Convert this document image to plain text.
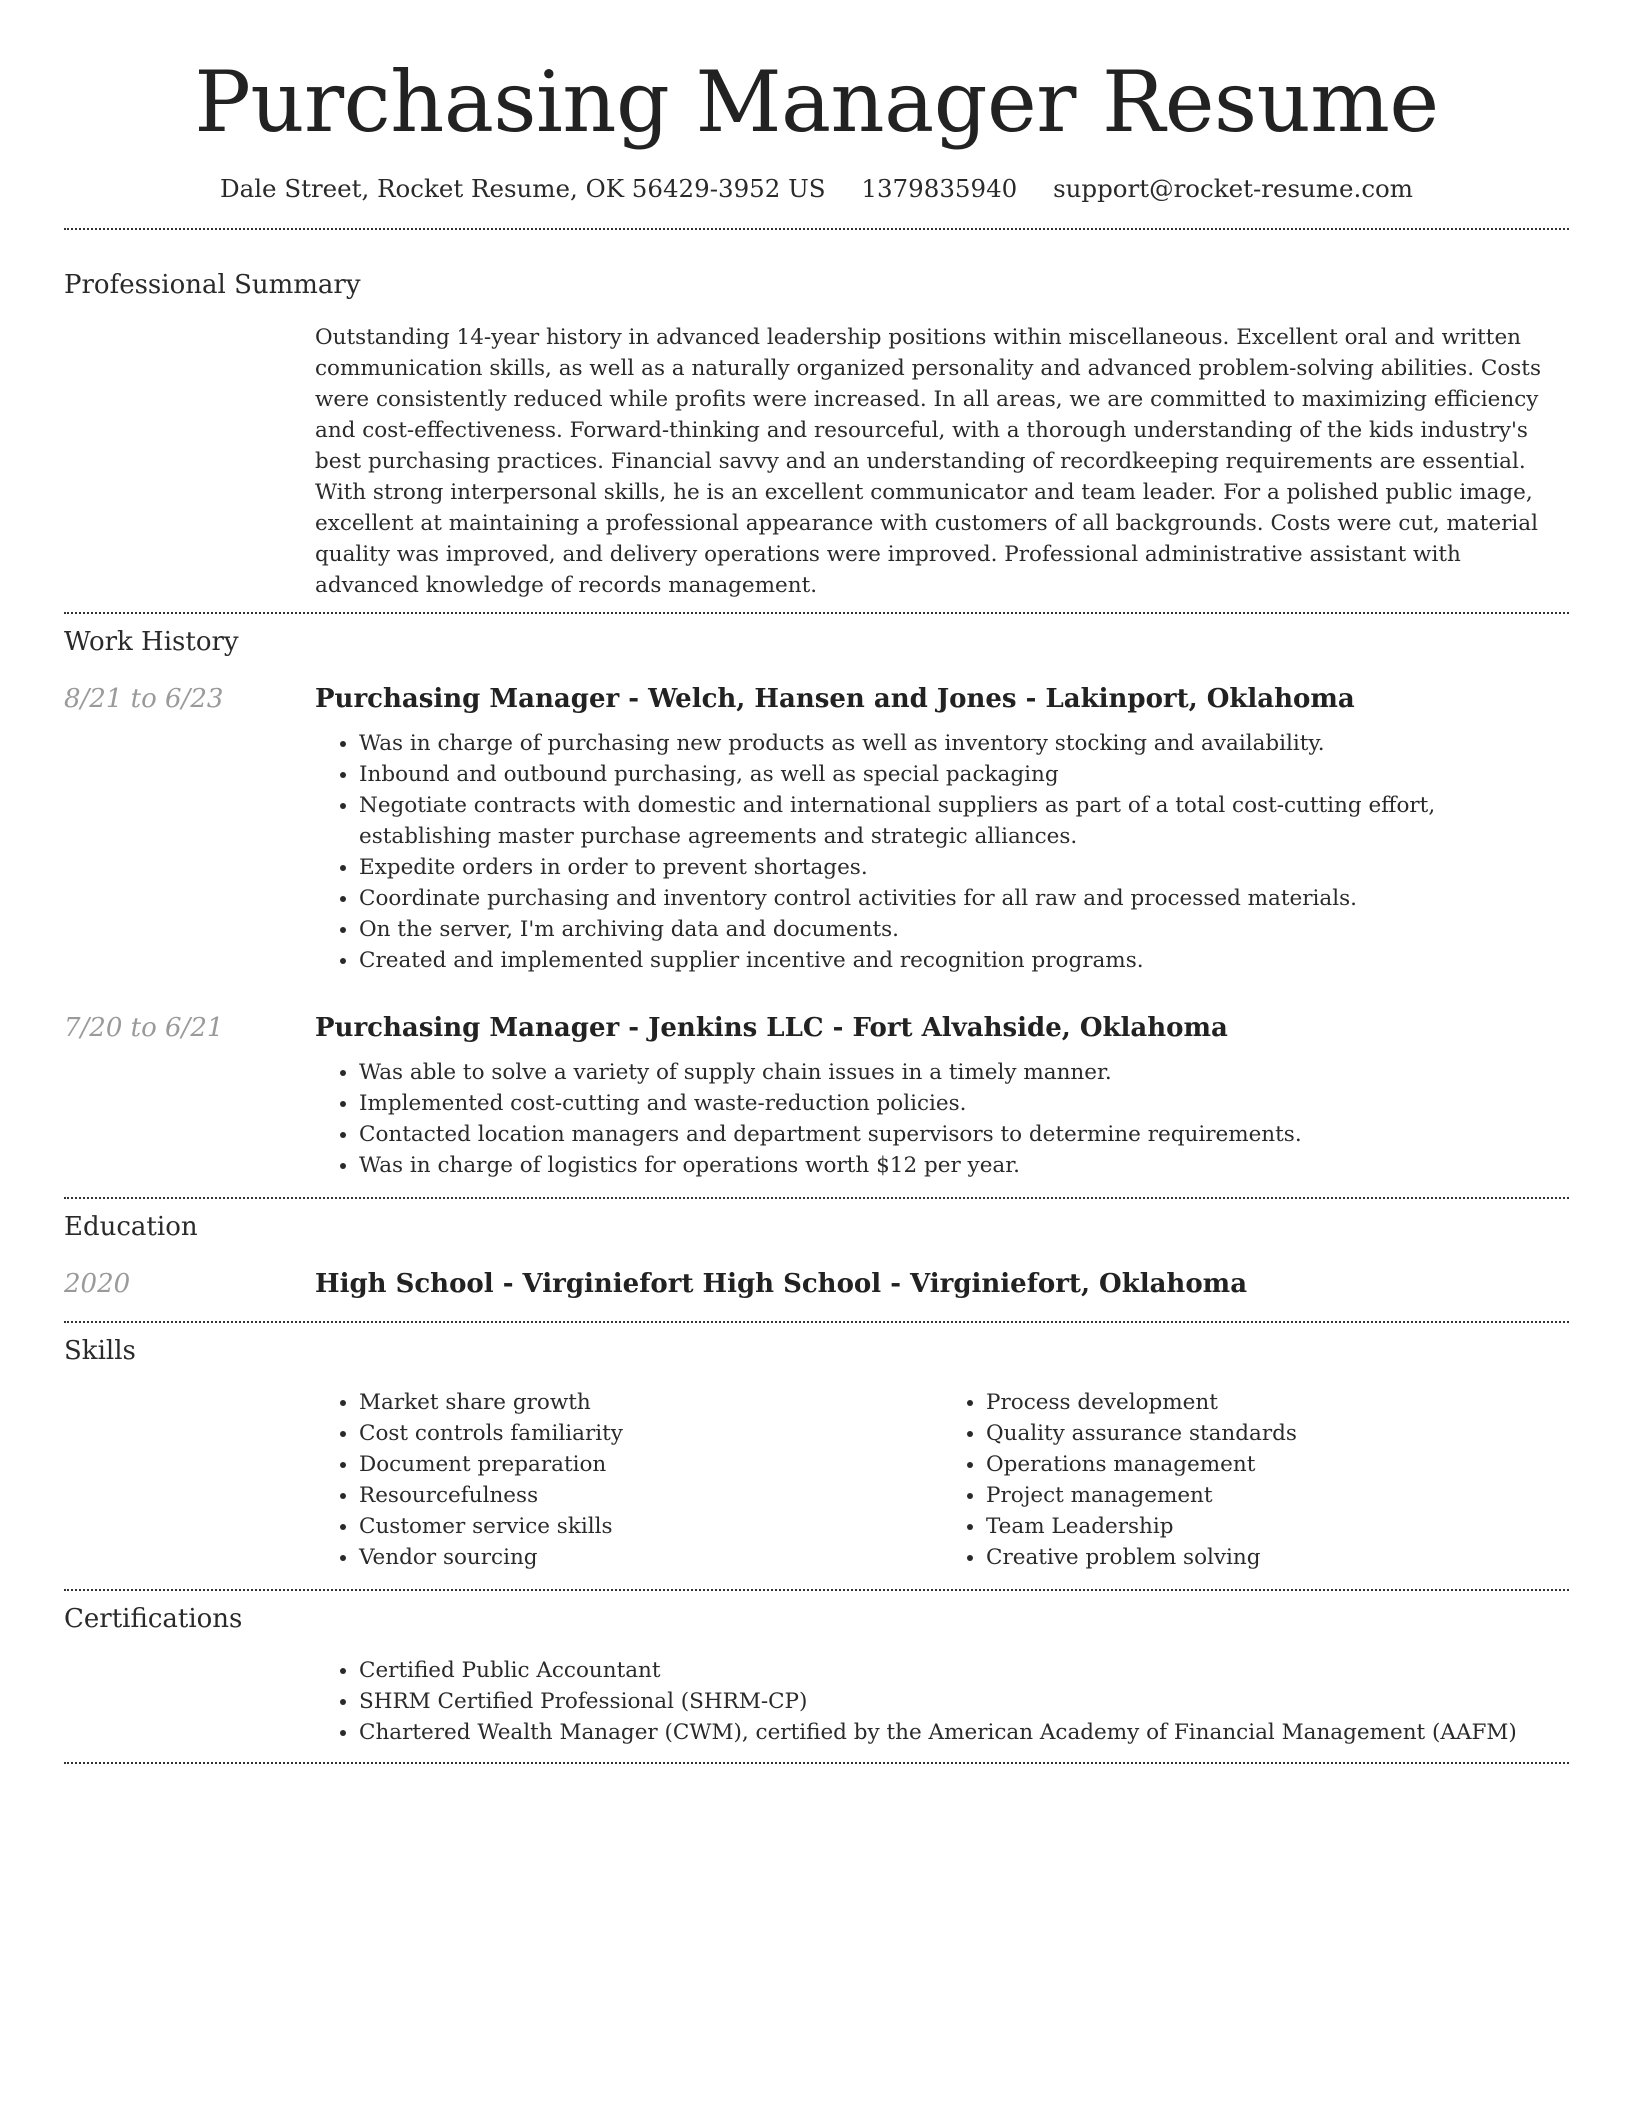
Purchasing Manager Resume
Dale Street, Rocket Resume, OK 56429-3952 US 1379835940 support@rocket-resume.com
Professional Summary

Outstanding 14-year history in advanced leadership positions within miscellaneous. Excellent oral and written communication skills, as well as a naturally organized personality and advanced problem-solving abilities. Costs were consistently reduced while profits were increased. In all areas, we are committed to maximizing efficiency and cost-effectiveness. Forward-thinking and resourceful, with a thorough understanding of the kids industry's best purchasing practices. Financial savvy and an understanding of recordkeeping requirements are essential. With strong interpersonal skills, he is an excellent communicator and team leader. For a polished public image, excellent at maintaining a professional appearance with customers of all backgrounds. Costs were cut, material quality was improved, and delivery operations were improved. Professional administrative assistant with advanced knowledge of records management.

Work History
8/21 to 6/23	Purchasing Manager - Welch, Hansen and Jones - Lakinport, Oklahoma
• Was in charge of purchasing new products as well as inventory stocking and availability.
• Inbound and outbound purchasing, as well as special packaging
• Negotiate contracts with domestic and international suppliers as part of a total cost-cutting effort, establishing master purchase agreements and strategic alliances.
• Expedite orders in order to prevent shortages.
• Coordinate purchasing and inventory control activities for all raw and processed materials.
• On the server, I'm archiving data and documents.
• Created and implemented supplier incentive and recognition programs.
7/20 to 6/21	Purchasing Manager - Jenkins LLC - Fort Alvahside, Oklahoma
• Was able to solve a variety of supply chain issues in a timely manner.
• Implemented cost-cutting and waste-reduction policies.
• Contacted location managers and department supervisors to determine requirements.
• Was in charge of logistics for operations worth $12 per year.
Education
2020	High School - Virginiefort High School - Virginiefort, Oklahoma
Skills
• Market share growth
• Cost controls familiarity
• Document preparation
• Resourcefulness
• Customer service skills
• Vendor sourcing
• Process development
• Quality assurance standards
• Operations management
• Project management
• Team Leadership
• Creative problem solving
Certifications
• Certified Public Accountant
• SHRM Certified Professional (SHRM-CP)
• Chartered Wealth Manager (CWM), certified by the American Academy of Financial Management (AAFM)
